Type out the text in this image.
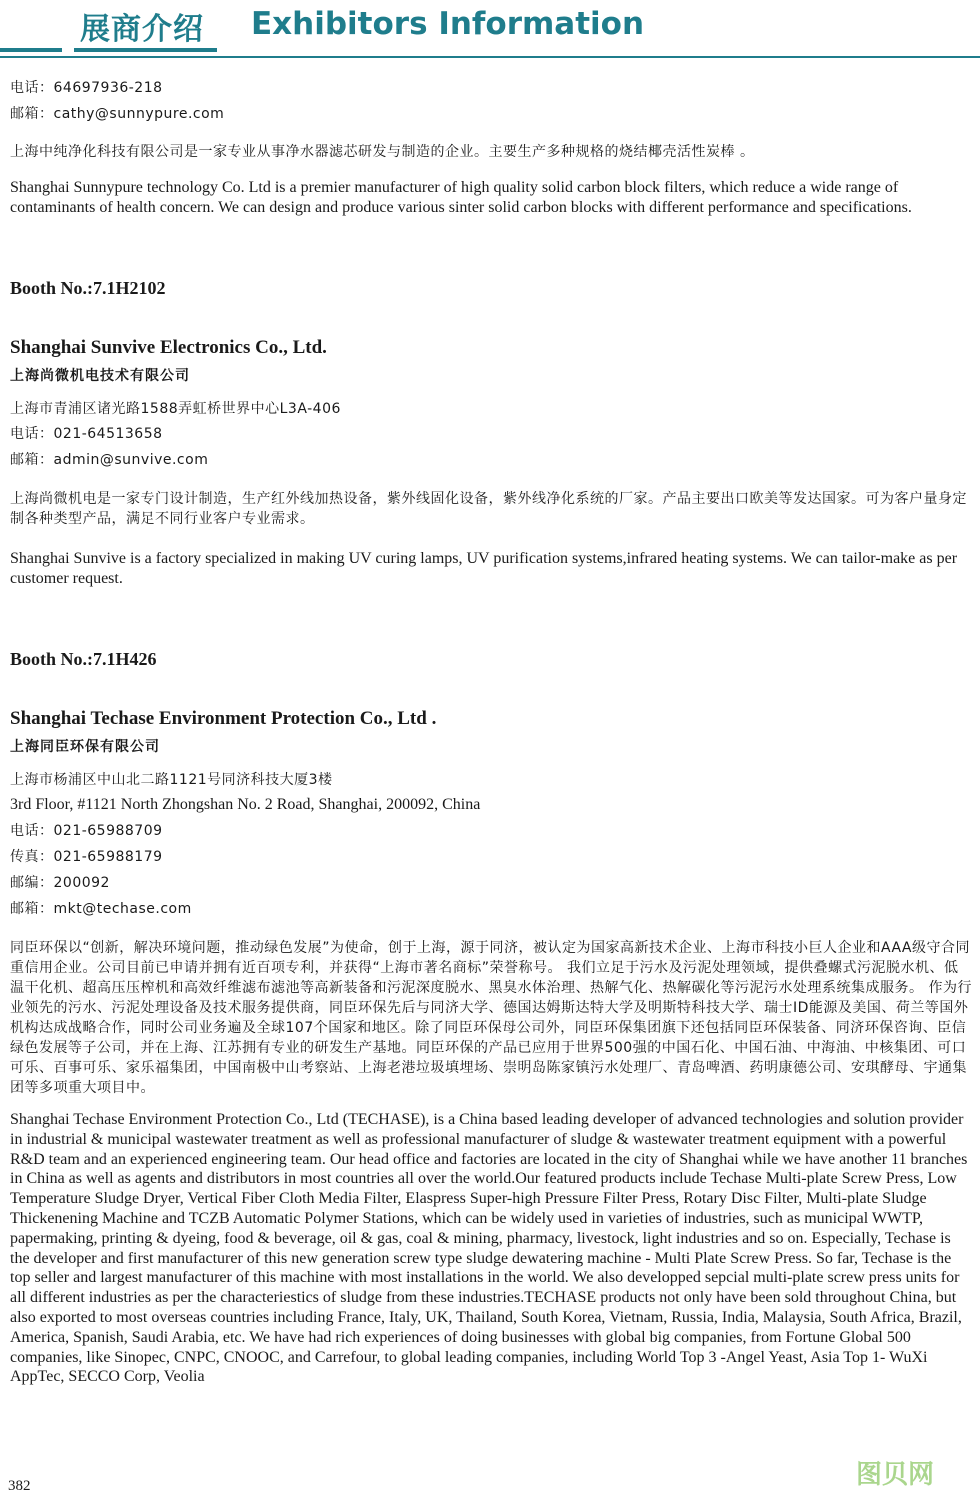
展商介绍 Exhibitors Information

电话：64697936-218

邮箱：cathy@sunnypure.com

上海中纯净化科技有限公司是一家专业从事净水器滤芯研发与制造的企业。主要生产多种规格的烧结椰壳活性炭棒 。

Shanghai Sunnypure technology Co. Ltd is a premier manufacturer of high quality solid carbon block filters, which reduce a wide range of contaminants of health concern. We can design and produce various sinter solid carbon blocks with different performance and specifications.

Booth No.:7.1H2102

Shanghai Sunvive Electronics Co., Ltd.

上海尚微机电技术有限公司

上海市青浦区诸光路1588弄虹桥世界中心L3A-406

电话：021-64513658

邮箱：admin@sunvive.com

上海尚微机电是一家专门设计制造，生产红外线加热设备，紫外线固化设备，紫外线净化系统的厂家。产品主要出口欧美等发达国家。可为客户量身定制各种类型产品，满足不同行业客户专业需求。

Shanghai Sunvive is a factory specialized in making UV curing lamps, UV purification systems,infrared heating systems. We can tailor-make as per customer request.

Booth No.:7.1H426

Shanghai Techase Environment Protection Co., Ltd .

上海同臣环保有限公司

上海市杨浦区中山北二路1121号同济科技大厦3楼

3rd Floor, #1121 North Zhongshan No. 2 Road, Shanghai, 200092, China

电话：021-65988709

传真：021-65988179

邮编：200092

邮箱：mkt@techase.com

同臣环保以“创新，解决环境问题，推动绿色发展”为使命，创于上海，源于同济，被认定为国家高新技术企业、上海市科技小巨人企业和AAA级守合同重信用企业。公司目前已申请并拥有近百项专利，并获得“上海市著名商标”荣誉称号。 我们立足于污水及污泥处理领域，提供叠螺式污泥脱水机、低温干化机、超高压压榨机和高效纤维滤布滤池等高新装备和污泥深度脱水、黑臭水体治理、热解气化、热解碳化等污泥污水处理系统集成服务。 作为行业领先的污水、污泥处理设备及技术服务提供商，同臣环保先后与同济大学、德国达姆斯达特大学及明斯特科技大学、瑞士ID能源及美国、荷兰等国外机构达成战略合作，同时公司业务遍及全球107个国家和地区。除了同臣环保母公司外，同臣环保集团旗下还包括同臣环保装备、同济环保咨询、臣信绿色发展等子公司，并在上海、江苏拥有专业的研发生产基地。同臣环保的产品已应用于世界500强的中国石化、中国石油、中海油、中核集团、可口可乐、百事可乐、家乐福集团，中国南极中山考察站、上海老港垃圾填埋场、崇明岛陈家镇污水处理厂、青岛啤酒、药明康德公司、安琪酵母、宇通集团等多项重大项目中。

Shanghai Techase Environment Protection Co., Ltd (TECHASE), is a China based leading developer of advanced technologies and solution provider in industrial & municipal wastewater treatment as well as professional manufacturer of sludge & wastewater treatment equipment with a powerful R&D team and an experienced engineering team. Our head office and factories are located in the city of Shanghai while we have another 11 branches in China as well as agents and distributors in most countries all over the world.Our featured products include Techase Multi-plate Screw Press, Low Temperature Sludge Dryer, Vertical Fiber Cloth Media Filter, Elaspress Super-high Pressure Filter Press, Rotary Disc Filter, Multi-plate Sludge Thickenening Machine and TCZB Automatic Polymer Stations, which can be widely used in varieties of industries, such as municipal WWTP, papermaking, printing & dyeing, food & beverage, oil & gas, coal & mining, pharmacy, livestock, light industries and so on. Especially, Techase is the developer and first manufacturer of this new generation screw type sludge dewatering machine - Multi Plate Screw Press. So far, Techase is the top seller and largest manufacturer of this machine with most installations in the world. We also developped sepcial multi-plate screw press units for all different industries as per the characteriestics of sludge from these industries.TECHASE products not only have been sold throughout China, but also exported to most overseas countries including France, Italy, UK, Thailand, South Korea, Vietnam, Russia, India, Malaysia, South Africa, Brazil, America, Spanish, Saudi Arabia, etc. We have had rich experiences of doing businesses with global big companies, from Fortune Global 500 companies, like Sinopec, CNPC, CNOOC, and Carrefour, to global leading companies, including World Top 3 -Angel Yeast, Asia Top 1- WuXi AppTec, SECCO Corp, Veolia

382	图贝网
